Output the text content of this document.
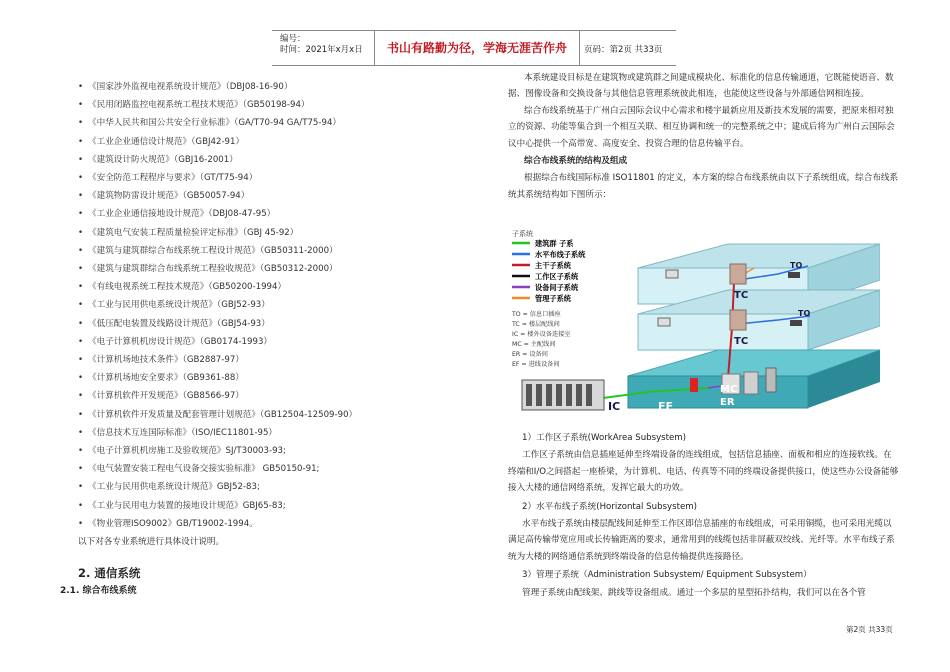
编号：
时间：2021年x月x日	书山有路勤为径，学海无涯苦作舟	页码：第2页 共33页
• 《国家涉外监视电视系统设计规范》（DBJ08-16-90）
• 《民用闭路监控电视系统工程技术规范》（GB50198-94）
• 《中华人民共和国公共安全行业标准》（GA/T70-94 GA/T75-94）
• 《工业企业通信设计规范》（GBJ42-91）
• 《建筑设计防火规范》（GBJ16-2001）
• 《安全防范工程程序与要求》（GT/T75-94）
• 《建筑物防雷设计规范》（GB50057-94）
• 《工业企业通信接地设计规范》（DBJ08-47-95）
• 《建筑电气安装工程质量检验评定标准》（GBJ 45-92）
• 《建筑与建筑群综合布线系统工程设计规范》（GB50311-2000）
• 《建筑与建筑群综合布线系统工程验收规范》（GB50312-2000）
• 《有线电视系统工程技术规范》（GB50200-1994）
• 《工业与民用供电系统设计规范》（GBJ52-93）
• 《低压配电装置及线路设计规范》（GBJ54-93）
• 《电子计算机机房设计规范》（GB0174-1993）
• 《计算机场地技术条件》（GB2887-97）
• 《计算机场地安全要求》（GB9361-88）
• 《计算机软件开发规范》（GB8566-97）
• 《计算机软件开发质量及配套管理计划规范》（GB12504-12509-90）
• 《信息技术互连国际标准》（ISO/IEC11801-95）
• 《电子计算机机房施工及验收规范》SJ/T30003-93;
• 《电气装置安装工程电气设备交接实验标准》 GB50150-91;
• 《工业与民用供电系统设计规范》GBJ52-83;
• 《工业与民用电力装置的接地设计规范》GBJ65-83;
• 《物业管理ISO9002》GB/T19002-1994。
以下对各专业系统进行具体设计说明。
2. 通信系统
2.1. 综合布线系统

本系统建设目标是在建筑物或建筑群之间建成模块化、标准化的信息传输通道，它既能使语音、数据、图像设备和交换设备与其他信息管理系统彼此相连，也能使这些设备与外部通信网相连接。

综合布线系统基于广州白云国际会议中心需求和楼宇最新应用及新技术发展的需要，把原来相对独立的资源、功能等集合到一个相互关联、相互协调和统一的完整系统之中；建成后将为广州白云国际会议中心提供一个高带宽、高度安全、投资合理的信息传输平台。

综合布线系统的结构及组成

根据综合布线国际标准 ISO11801 的定义，本方案的综合布线系统由以下子系统组成，综合布线系统其系统结构如下图所示：

子系统
建筑群 子系
水平布线子系统
主干子系统
工作区子系统
设备间子系统
管理子系统
TO = 信息口插座
TC = 楼层配线间
IC = 楼外设备连接室
MC = 主配线间
ER = 设备间
EF = 进线设备间
TC
TC
TO
TO
MC
ER
IC	EF

1）工作区子系统(WorkArea Subsystem)

工作区子系统由信息插座延伸至终端设备的连线组成，包括信息插座、面板和相应的连接软线。在终端和I/O之间搭起一座桥梁，为计算机、电话、传真等不同的终端设备提供接口，使这些办公设备能够接入大楼的通信网络系统，发挥它最大的功效。

2）水平布线子系统(Horizontal Subsystem)

水平布线子系统由楼层配线间延伸至工作区即信息插座的布线组成，可采用铜缆，也可采用光缆以满足高传输带宽应用或长传输距离的要求，通常用到的线缆包括非屏蔽双绞线、光纤等。水平布线子系统为大楼的网络通信系统到终端设备的信息传输提供连接路径。

3）管理子系统（Administration Subsystem/ Equipment Subsystem）

管理子系统由配线架、跳线等设备组成。通过一个多层的星型拓扑结构，我们可以在各个管

第2页 共33页
